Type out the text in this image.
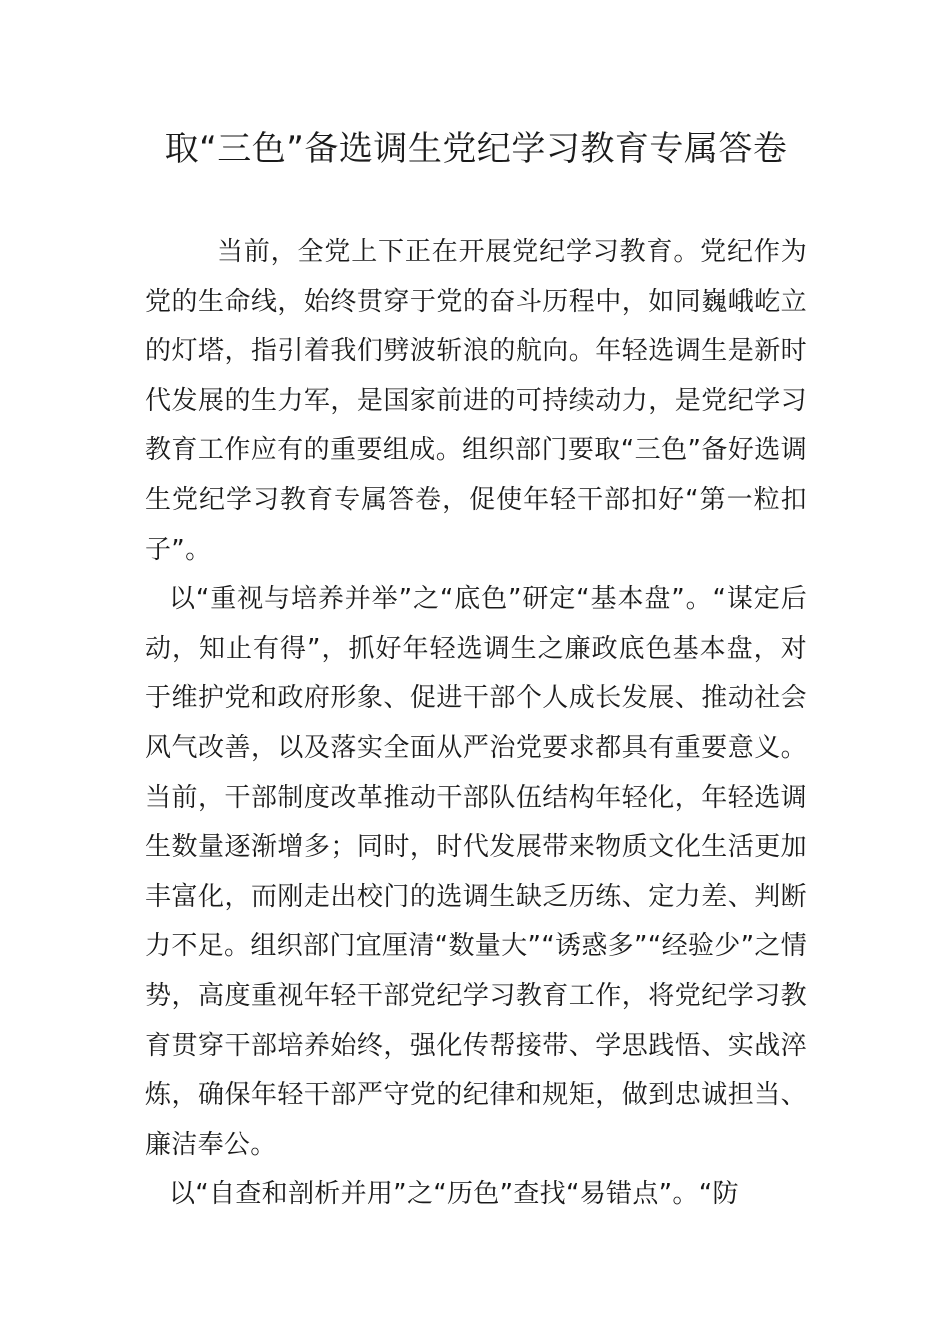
取“三色”备选调生党纪学习教育专属答卷

当前，全党上下正在开展党纪学习教育。党纪作为党的生命线，始终贯穿于党的奋斗历程中，如同巍峨屹立的灯塔，指引着我们劈波斩浪的航向。年轻选调生是新时代发展的生力军，是国家前进的可持续动力，是党纪学习教育工作应有的重要组成。组织部门要取“三色”备好选调生党纪学习教育专属答卷，促使年轻干部扣好“第一粒扣子”。

以“重视与培养并举”之“底色”研定“基本盘”。“谋定后动，知止有得”，抓好年轻选调生之廉政底色基本盘，对于维护党和政府形象、促进干部个人成长发展、推动社会风气改善，以及落实全面从严治党要求都具有重要意义。当前，干部制度改革推动干部队伍结构年轻化，年轻选调生数量逐渐增多；同时，时代发展带来物质文化生活更加丰富化，而刚走出校门的选调生缺乏历练、定力差、判断力不足。组织部门宜厘清“数量大”“诱惑多”“经验少”之情势，高度重视年轻干部党纪学习教育工作，将党纪学习教育贯穿干部培养始终，强化传帮接带、学思践悟、实战淬炼，确保年轻干部严守党的纪律和规矩，做到忠诚担当、廉洁奉公。

以“自查和剖析并用”之“历色”查找“易错点”。“防
